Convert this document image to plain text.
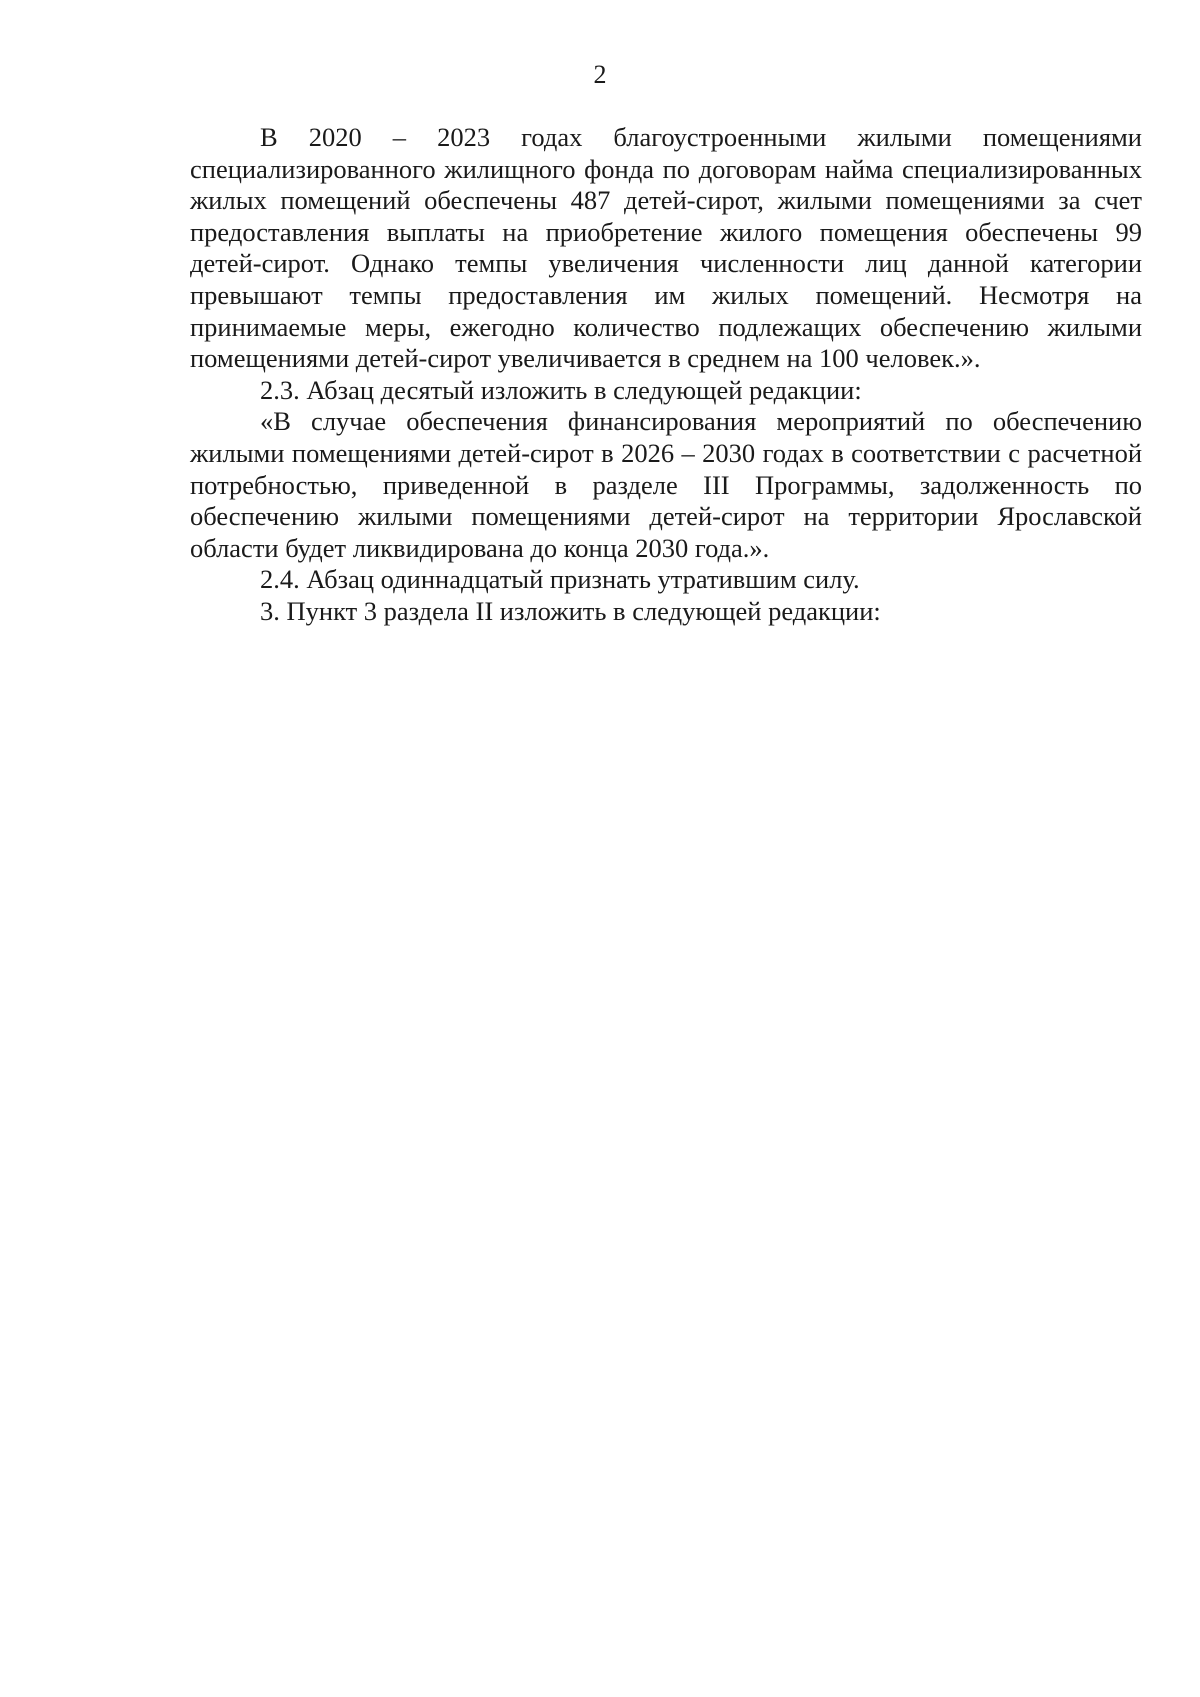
2

В 2020 – 2023 годах благоустроенными жилыми помещениями специализированного жилищного фонда по договорам найма специализированных жилых помещений обеспечены 487 детей-сирот, жилыми помещениями за счет предоставления выплаты на приобретение жилого помещения обеспечены 99 детей-сирот. Однако темпы увеличения численности лиц данной категории превышают темпы предоставления им жилых помещений. Несмотря на принимаемые меры, ежегодно количество подлежащих обеспечению жилыми помещениями детей-сирот увеличивается в среднем на 100 человек.».

2.3. Абзац десятый изложить в следующей редакции:

«В случае обеспечения финансирования мероприятий по обеспечению жилыми помещениями детей-сирот в 2026 – 2030 годах в соответствии с расчетной потребностью, приведенной в разделе III Программы, задолженность по обеспечению жилыми помещениями детей-сирот на территории Ярославской области будет ликвидирована до конца 2030 года.».

2.4. Абзац одиннадцатый признать утратившим силу.

3. Пункт 3 раздела II изложить в следующей редакции:
